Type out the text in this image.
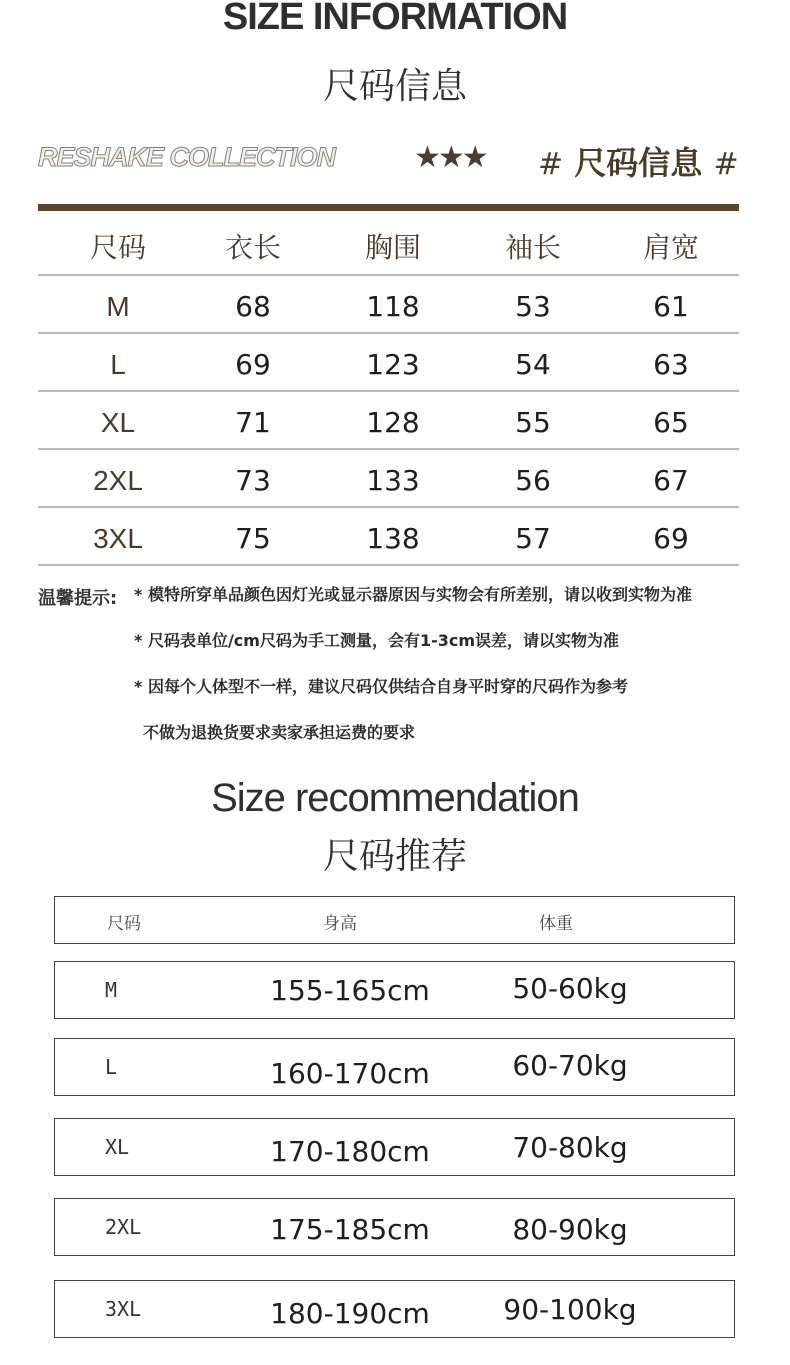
SIZE INFORMATION
尺码信息
RESHAKE COLLECTION	★★★ # 尺码信息 #
尺码	衣长	胸围	袖长	肩宽
M	68	118	53	61
L	69	123	54	63
XL	71	128	55	65
2XL	73	133	56	67
3XL	75	138	57	69
温馨提示: * 模特所穿单品颜色因灯光或显示器原因与实物会有所差别，请以收到实物为准
* 尺码表单位/cm尺码为手工测量，会有1-3cm误差，请以实物为准
* 因每个人体型不一样，建议尺码仅供结合自身平时穿的尺码作为参考
不做为退换货要求卖家承担运费的要求
Size recommendation
尺码推荐
尺码	身高	体重
M	155-165cm	50-60kg
L	160-170cm	60-70kg
XL	170-180cm	70-80kg
2XL	175-185cm	80-90kg
3XL	180-190cm	90-100kg
